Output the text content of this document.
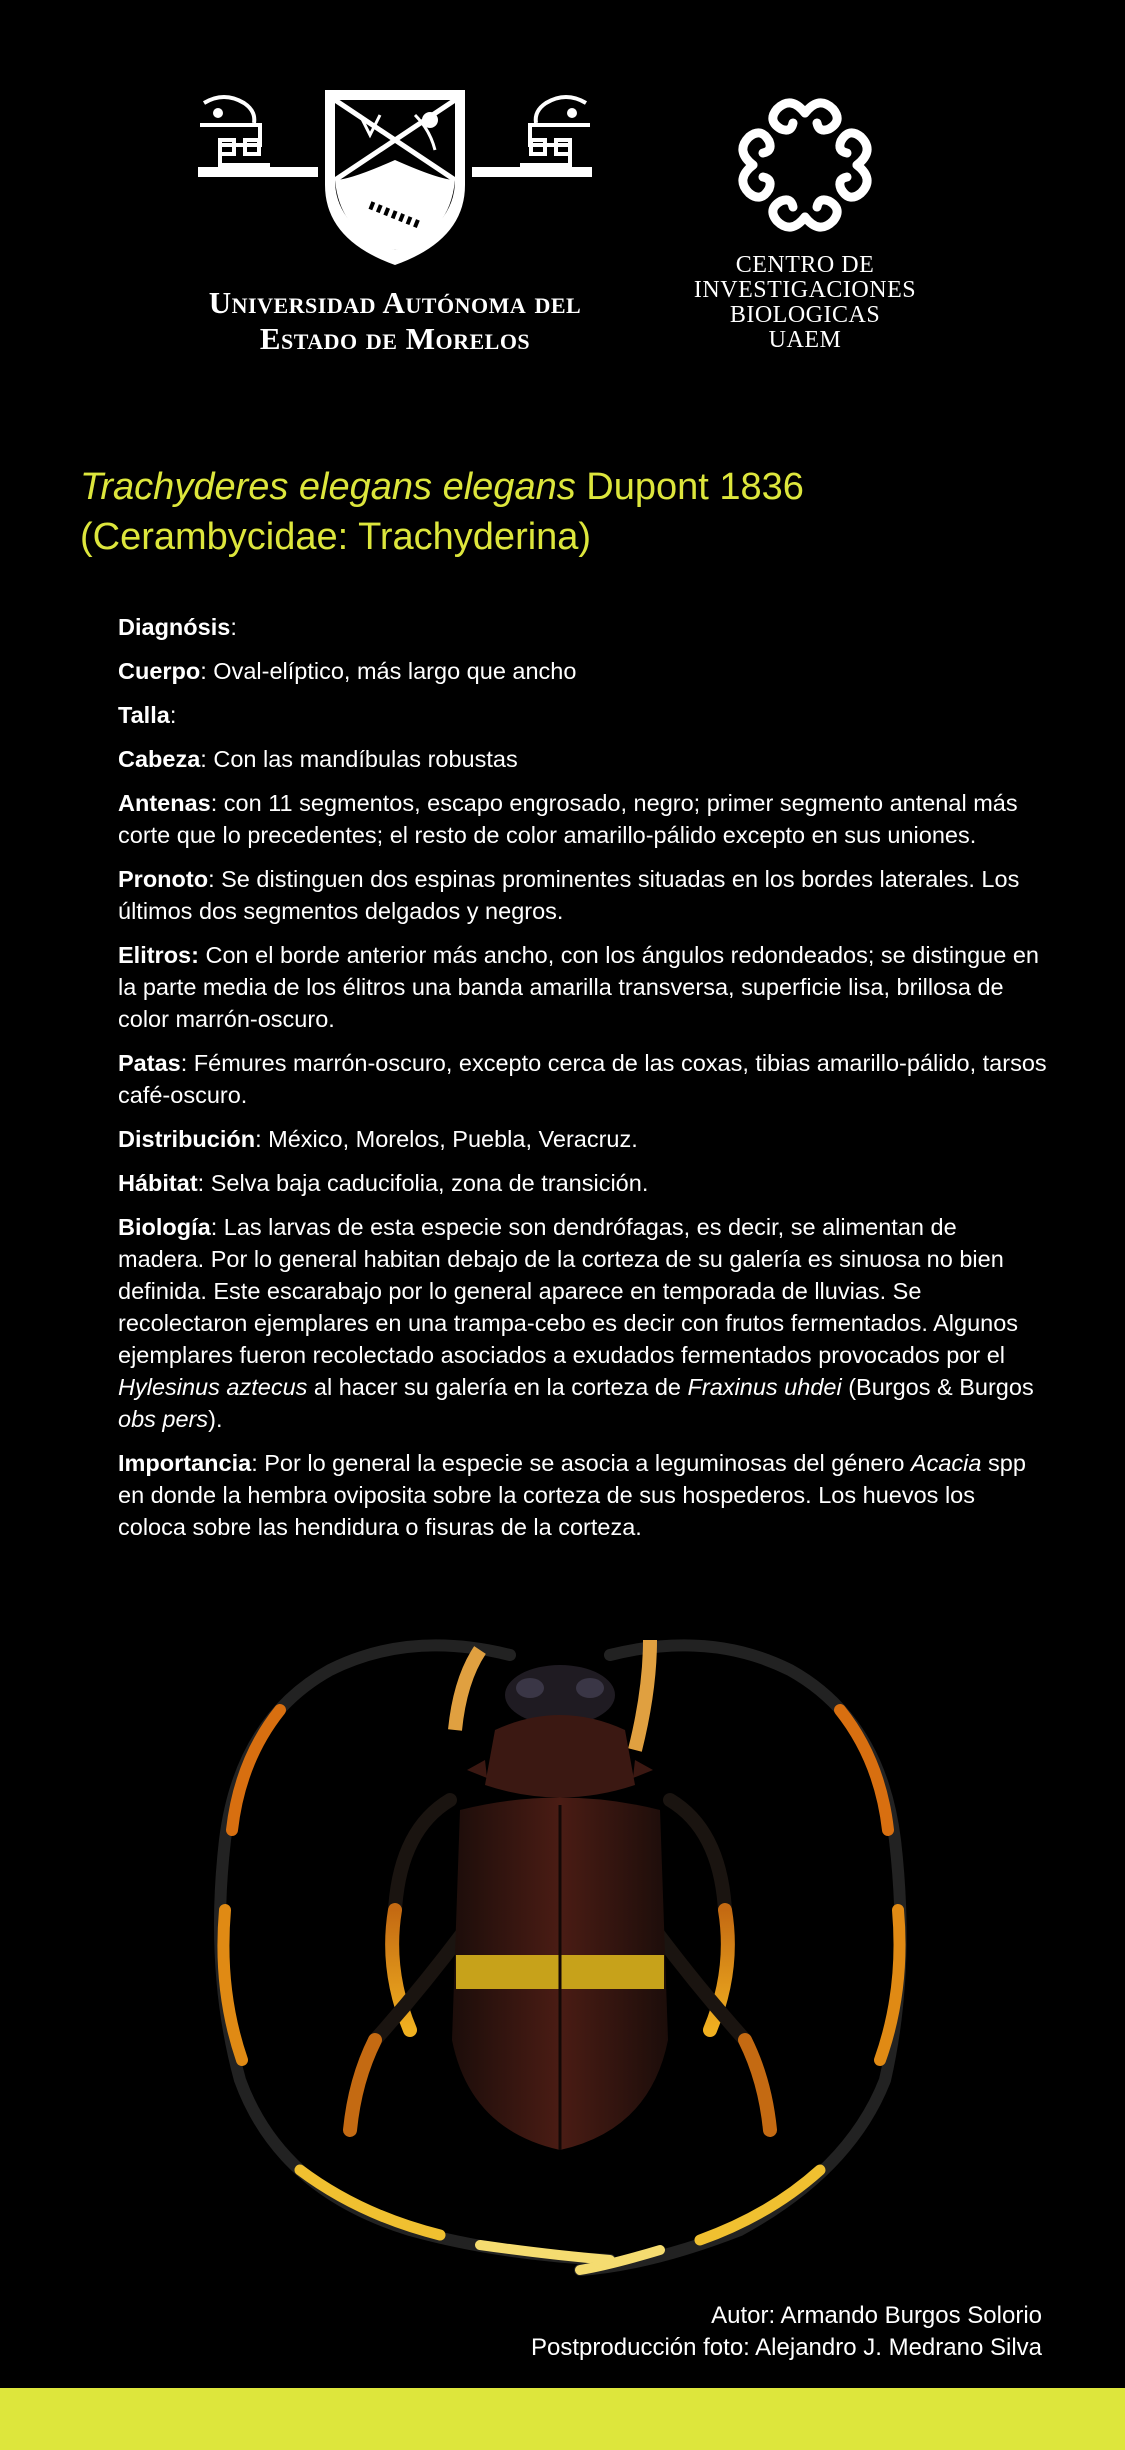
Universidad Autónoma del
Estado de Morelos
CENTRO DE
INVESTIGACIONES
BIOLOGICAS
UAEM
Trachyderes elegans elegans Dupont 1836
(Cerambycidae: Trachyderina)

Diagnósis:

Cuerpo: Oval-elíptico, más largo que ancho

Talla:

Cabeza: Con las mandíbulas robustas

Antenas: con 11 segmentos, escapo engrosado, negro; primer segmento antenal más corte que lo precedentes; el resto de color amarillo-pálido excepto en sus uniones.

Pronoto: Se distinguen dos espinas prominentes situadas en los bordes laterales. Los últimos dos segmentos delgados y negros.

Elitros: Con el borde anterior más ancho, con los ángulos redondeados; se distingue en la parte media de los élitros una banda amarilla transversa, superficie lisa, brillosa de color marrón-oscuro.

Patas: Fémures marrón-oscuro, excepto cerca de las coxas, tibias amarillo-pálido, tarsos café-oscuro.

Distribución: México, Morelos, Puebla, Veracruz.

Hábitat: Selva baja caducifolia, zona de transición.

Biología: Las larvas de esta especie son dendrófagas, es decir, se alimentan de madera. Por lo general habitan debajo de la corteza de su galería es sinuosa no bien definida. Este escarabajo por lo general aparece en temporada de lluvias. Se recolectaron ejemplares en una trampa-cebo es decir con frutos fermentados. Algunos ejemplares fueron recolectado asociados a exudados fermentados provocados por el Hylesinus aztecus al hacer su galería en la corteza de Fraxinus uhdei (Burgos & Burgos obs pers).

Importancia: Por lo general la especie se asocia a leguminosas del género Acacia spp en donde la hembra oviposita sobre la corteza de sus hospederos. Los huevos los coloca sobre las hendidura o fisuras de la corteza.

Autor: Armando Burgos Solorio
Postproducción foto: Alejandro J. Medrano Silva
